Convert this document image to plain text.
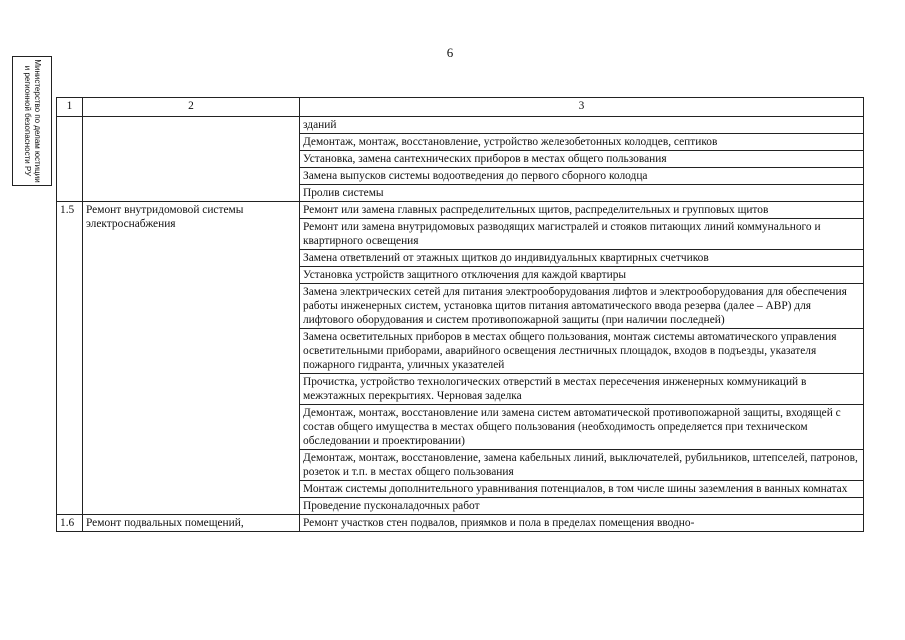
6
Министерство по делам юстиции и регионной безопасности РУ	1	2	3
		зданий
		Демонтаж, монтаж, восстановление, устройство железобетонных колодцев, септиков
		Установка, замена сантехнических приборов в местах общего пользования
		Замена выпусков системы водоотведения до первого сборного колодца
		Пролив системы
1.5	Ремонт внутридомовой системы электроснабжения	Ремонт или замена главных распределительных щитов, распределительных и групповых щитов
		Ремонт или замена внутридомовых разводящих магистралей и стояков питающих линий коммунального и квартирного освещения
		Замена ответвлений от этажных щитков до индивидуальных квартирных счетчиков
		Установка устройств защитного отключения для каждой квартиры
		Замена электрических сетей для питания электрооборудования лифтов и электрооборудования для обеспечения работы инженерных систем, установка щитов питания автоматического ввода резерва (далее – АВР) для лифтового оборудования и систем противопожарной защиты (при наличии последней)
		Замена осветительных приборов в местах общего пользования, монтаж системы автоматического управления осветительными приборами, аварийного освещения лестничных площадок, входов в подъезды, указателя пожарного гидранта, уличных указателей
		Прочистка, устройство технологических отверстий в местах пересечения инженерных коммуникаций в межэтажных перекрытиях. Черновая заделка
		Демонтаж, монтаж, восстановление или замена систем автоматической противопожарной защиты, входящей с состав общего имущества в местах общего пользования (необходимость определяется при техническом обследовании и проектировании)
		Демонтаж, монтаж, восстановление, замена кабельных линий, выключателей, рубильников, штепселей, патронов, розеток и т.п. в местах общего пользования
		Монтаж системы дополнительного уравнивания потенциалов, в том числе шины заземления в ванных комнатах
		Проведение пусконаладочных работ
1.6	Ремонт подвальных помещений,	Ремонт участков стен подвалов, приямков и пола в пределах помещения вводно-
